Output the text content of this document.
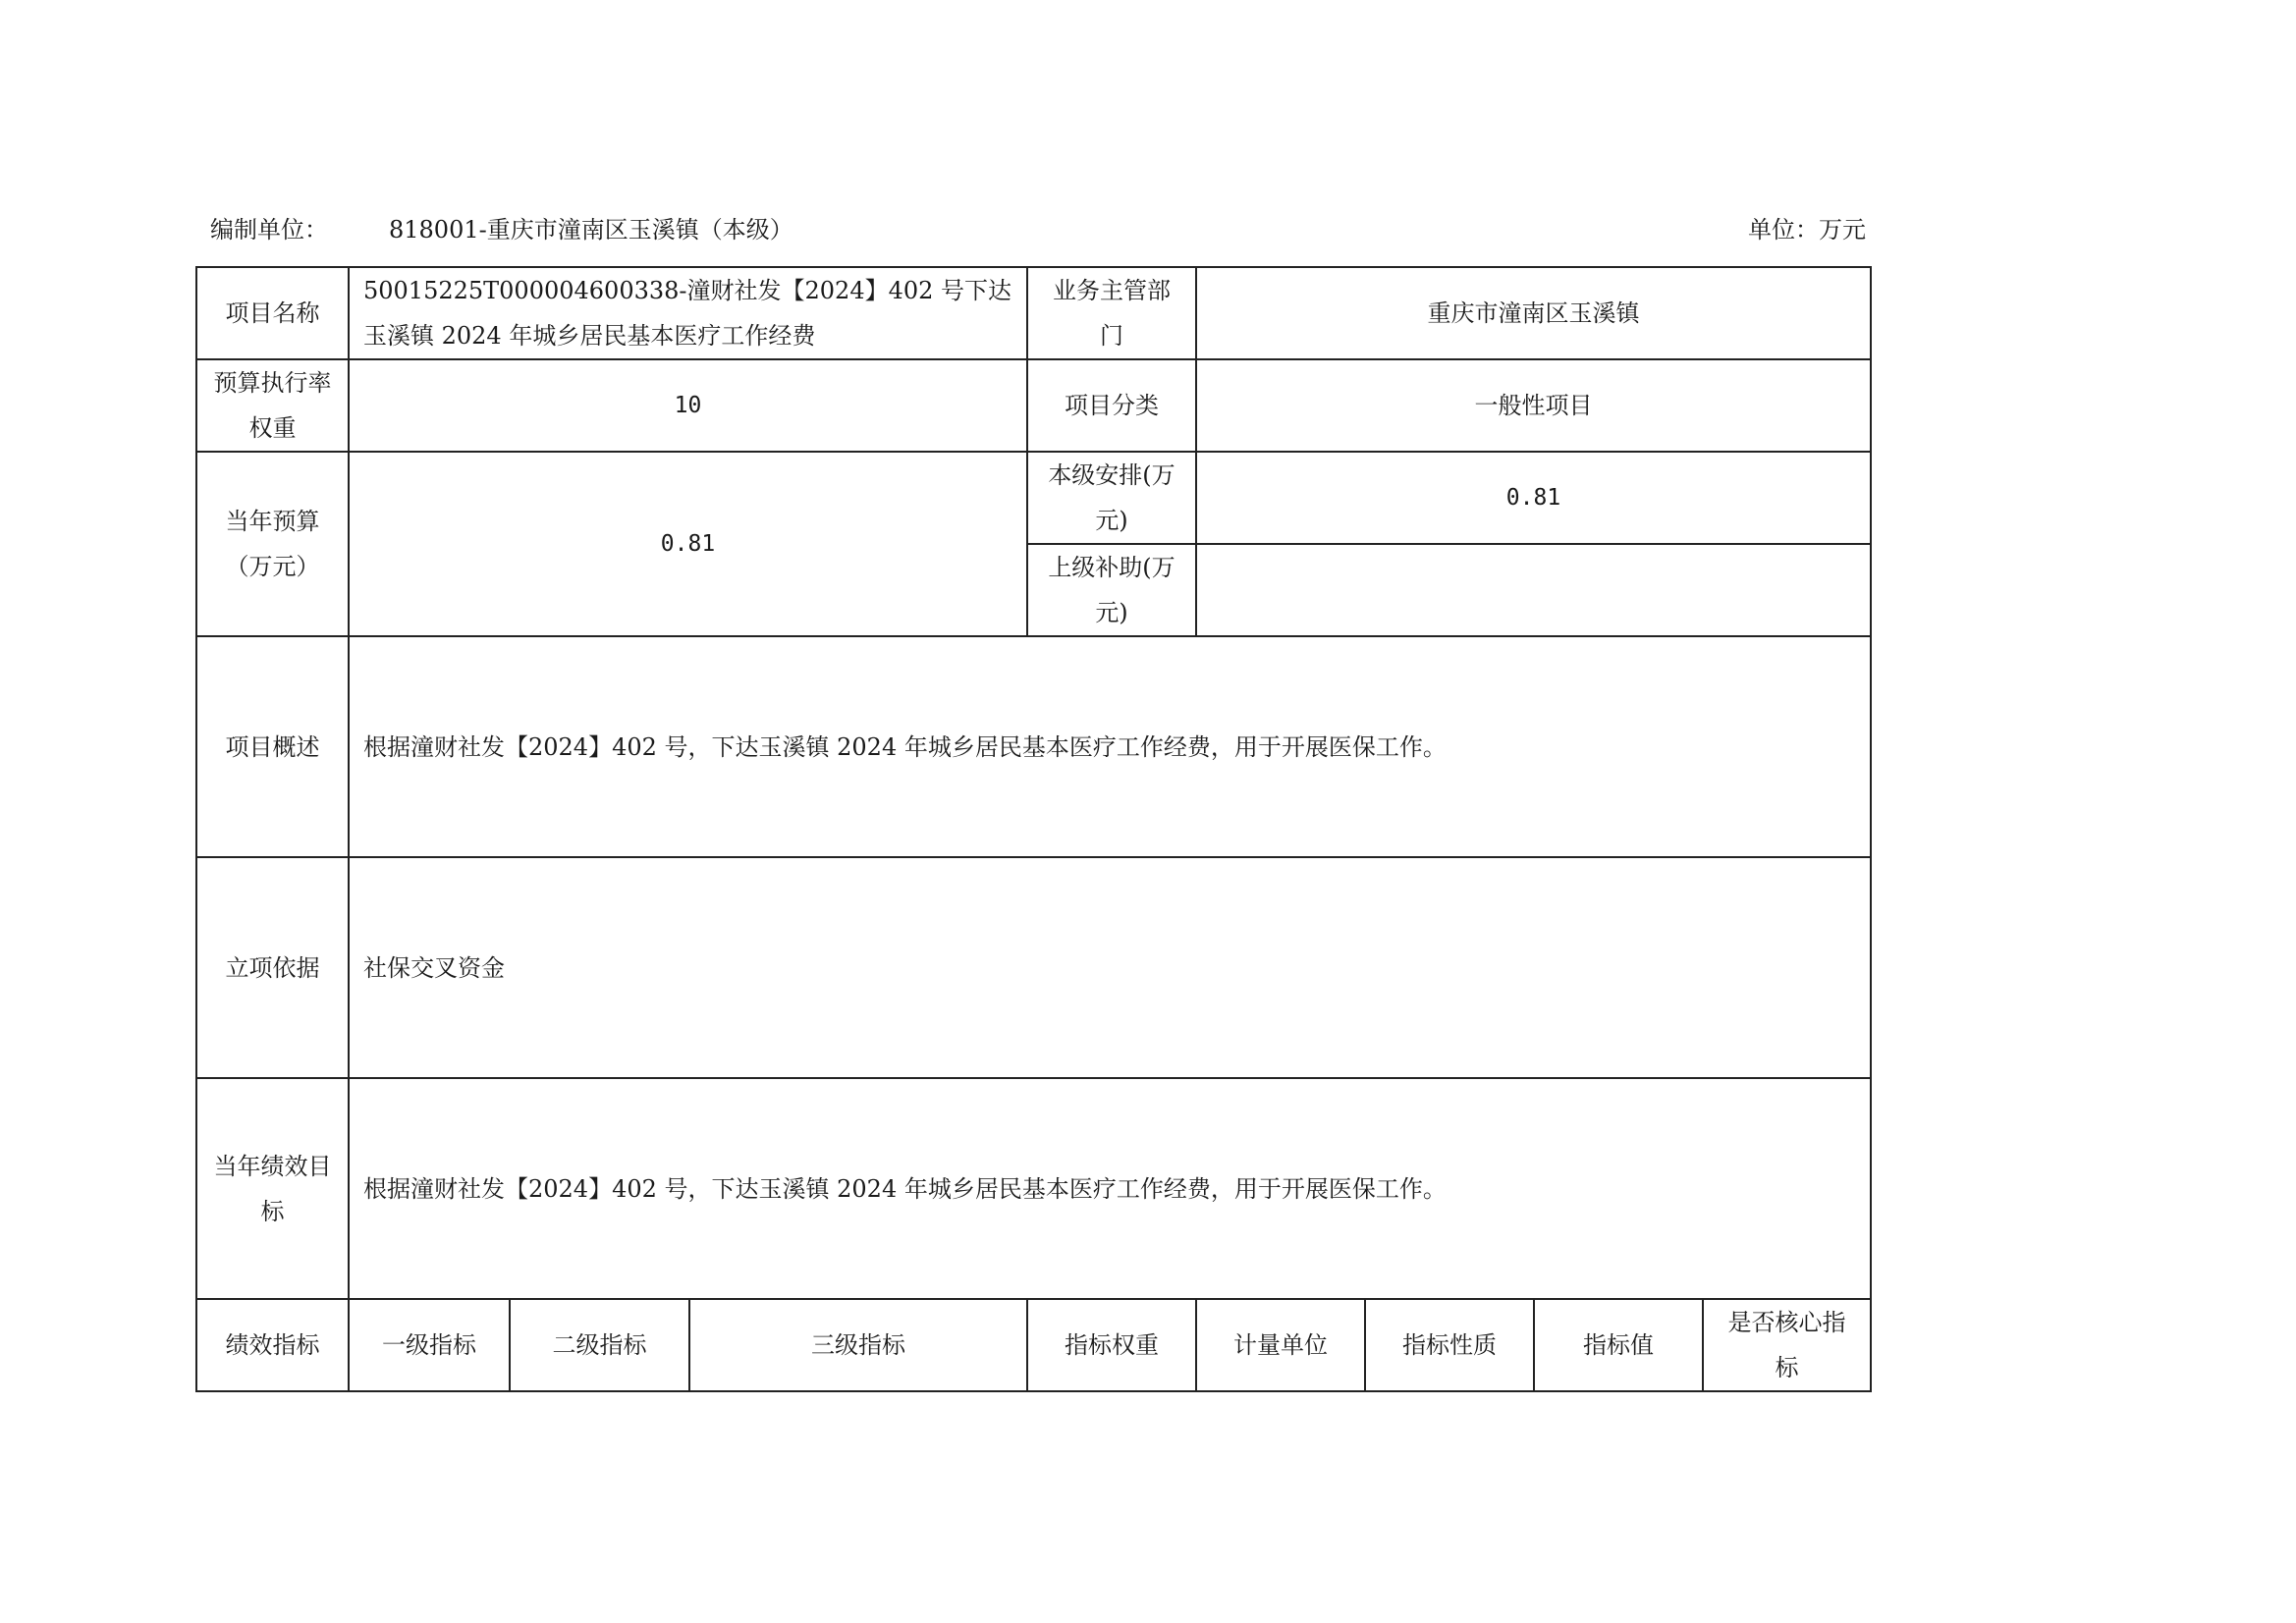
编制单位：	818001-重庆市潼南区玉溪镇（本级）	单位：万元
项目名称	50015225T000004600338-潼财社发【2024】402 号下达玉溪镇 2024 年城乡居民基本医疗工作经费			业务主管部门	重庆市潼南区玉溪镇			
预算执行率权重	10			项目分类	一般性项目			
当年预算（万元）	0.81			本级安排(万元)	0.81			
				上级补助(万元)				
项目概述	根据潼财社发【2024】402 号，下达玉溪镇 2024 年城乡居民基本医疗工作经费，用于开展医保工作。							
立项依据	社保交叉资金							
当年绩效目标	根据潼财社发【2024】402 号，下达玉溪镇 2024 年城乡居民基本医疗工作经费，用于开展医保工作。							
绩效指标	一级指标	二级指标	三级指标	指标权重	计量单位	指标性质	指标值	是否核心指标
